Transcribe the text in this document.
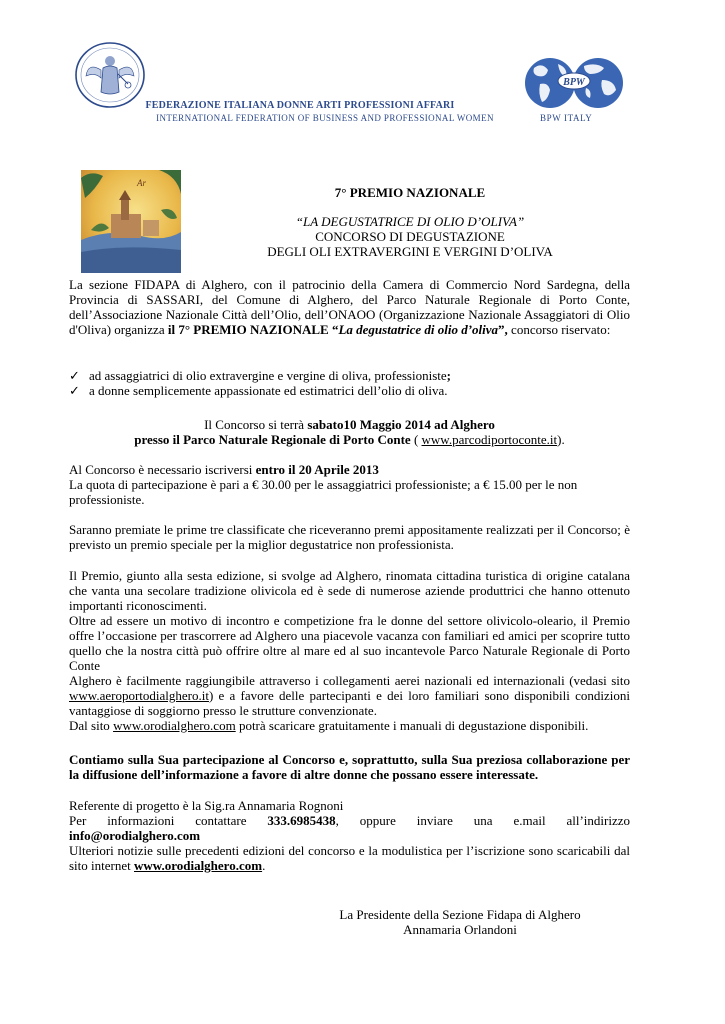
FEDERAZIONE ITALIANA DONNE ARTI PROFESSIONI AFFARI
INTERNATIONAL FEDERATION OF BUSINESS AND PROFESSIONAL WOMEN
BPW
BPW ITALY
Ar
7° PREMIO NAZIONALE
“LA DEGUSTATRICE DI OLIO D’OLIVA”
CONCORSO DI DEGUSTAZIONE
DEGLI OLI EXTRAVERGINI E VERGINI D’OLIVA
La sezione FIDAPA di Alghero, con il patrocinio della Camera di Commercio Nord Sardegna, della Provincia di SASSARI, del Comune di Alghero, del Parco Naturale Regionale di Porto Conte, dell’Associazione Nazionale Città dell’Olio, dell’ONAOO (Organizzazione Nazionale Assaggiatori di Olio d'Oliva) organizza il 7° PREMIO NAZIONALE “La degustatrice di olio d’oliva”, concorso riservato:
✓ ad assaggiatrici di olio extravergine e vergine di oliva, professioniste;
✓ a donne semplicemente appassionate ed estimatrici dell’olio di oliva.
Il Concorso si terrà sabato10 Maggio 2014 ad Alghero
presso il Parco Naturale Regionale di Porto Conte ( www.parcodiportoconte.it).
Al Concorso è necessario iscriversi entro il 20 Aprile 2013
La quota di partecipazione è pari a € 30.00 per le assaggiatrici professioniste; a € 15.00 per le non professioniste.
Saranno premiate le prime tre classificate che riceveranno premi appositamente realizzati per il Concorso; è previsto un premio speciale per la miglior degustatrice non professionista.

Il Premio, giunto alla sesta edizione, si svolge ad Alghero, rinomata cittadina turistica di origine catalana che vanta una secolare tradizione olivicola ed è sede di numerose aziende produttrici che hanno ottenuto importanti riconoscimenti.

Oltre ad essere un motivo di incontro e competizione fra le donne del settore olivicolo-oleario, il Premio offre l’occasione per trascorrere ad Alghero una piacevole vacanza con familiari ed amici per scoprire tutto quello che la nostra città può offrire oltre al mare ed al suo incantevole Parco Naturale Regionale di Porto Conte

Alghero è facilmente raggiungibile attraverso i collegamenti aerei nazionali ed internazionali (vedasi sito www.aeroportodialghero.it) e a favore delle partecipanti e dei loro familiari sono disponibili condizioni vantaggiose di soggiorno presso le strutture convenzionate.

Dal sito www.orodialghero.com potrà scaricare gratuitamente i manuali di degustazione disponibili.

Contiamo sulla Sua partecipazione al Concorso e, soprattutto, sulla Sua preziosa collaborazione per la diffusione dell’informazione a favore di altre donne che possano essere interessate.
Referente di progetto è la Sig.ra Annamaria Rognoni
Per informazioni contattare 333.6985438, oppure inviare una e.mail all’indirizzo
info@orodialghero.com
Ulteriori notizie sulle precedenti edizioni del concorso e la modulistica per l’iscrizione sono scaricabili dal sito internet www.orodialghero.com.
La Presidente della Sezione Fidapa di Alghero
Annamaria Orlandoni
